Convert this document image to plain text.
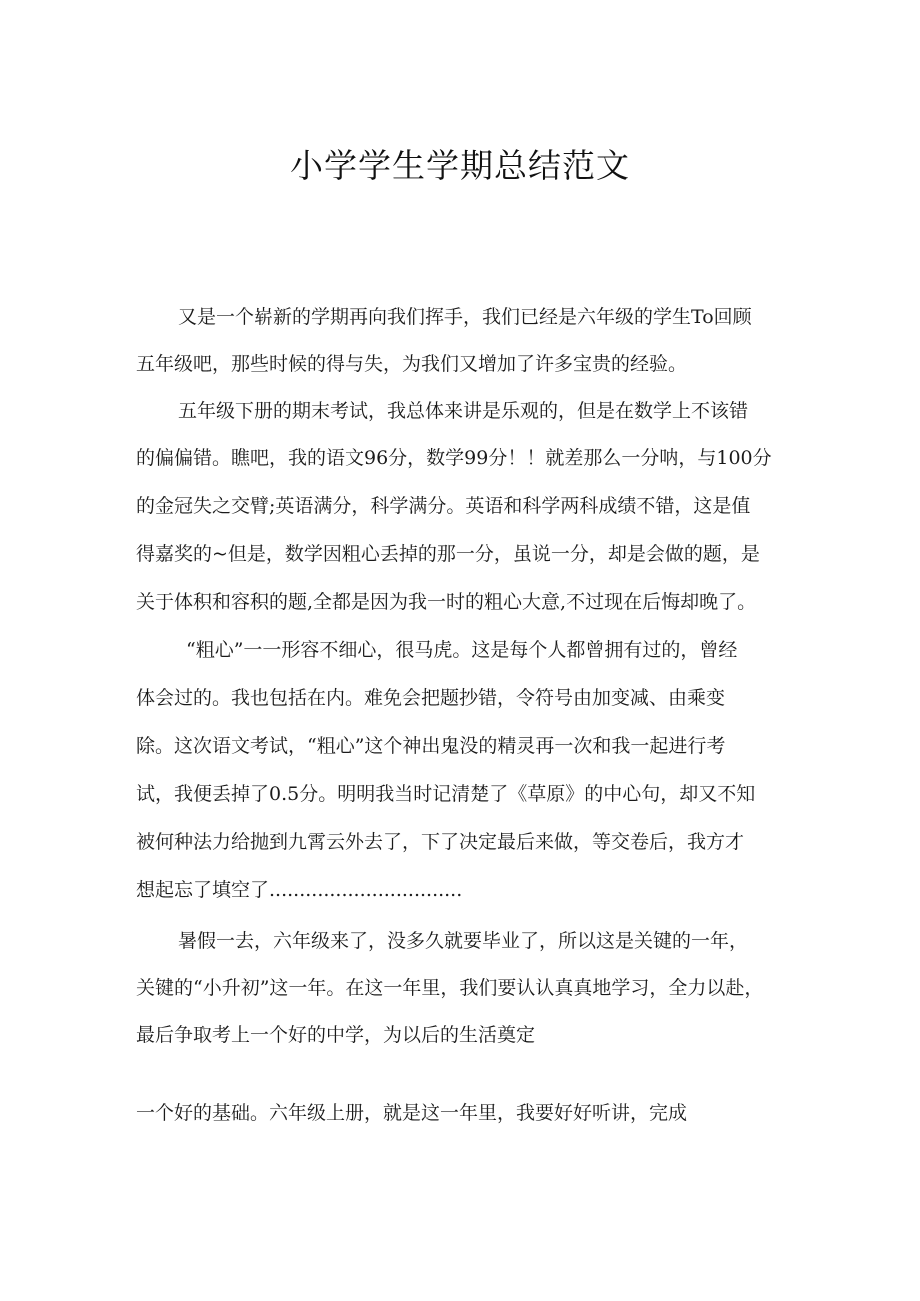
小学学生学期总结范文
又是一个崭新的学期再向我们挥手，我们已经是六年级的学生To回顾
五年级吧，那些时候的得与失，为我们又增加了许多宝贵的经验。
五年级下册的期末考试，我总体来讲是乐观的，但是在数学上不该错
的偏偏错。瞧吧，我的语文96分，数学99分！！就差那么一分呐，与100分
的金冠失之交臂;英语满分，科学满分。英语和科学两科成绩不错，这是值
得嘉奖的~但是，数学因粗心丢掉的那一分，虽说一分，却是会做的题，是
关于体积和容积的题,全都是因为我一时的粗心大意,不过现在后悔却晚了。
“粗心”一一形容不细心，很马虎。这是每个人都曾拥有过的，曾经
体会过的。我也包括在内。难免会把题抄错，令符号由加变减、由乘变
除。这次语文考试，“粗心”这个神出鬼没的精灵再一次和我一起进行考
试，我便丢掉了0.5分。明明我当时记清楚了《草原》的中心句，却又不知
被何种法力给抛到九霄云外去了，下了决定最后来做，等交卷后，我方才
想起忘了填空了................................
暑假一去，六年级来了，没多久就要毕业了，所以这是关键的一年，
关键的“小升初”这一年。在这一年里，我们要认认真真地学习，全力以赴，
最后争取考上一个好的中学，为以后的生活奠定
一个好的基础。六年级上册，就是这一年里，我要好好听讲，完成
